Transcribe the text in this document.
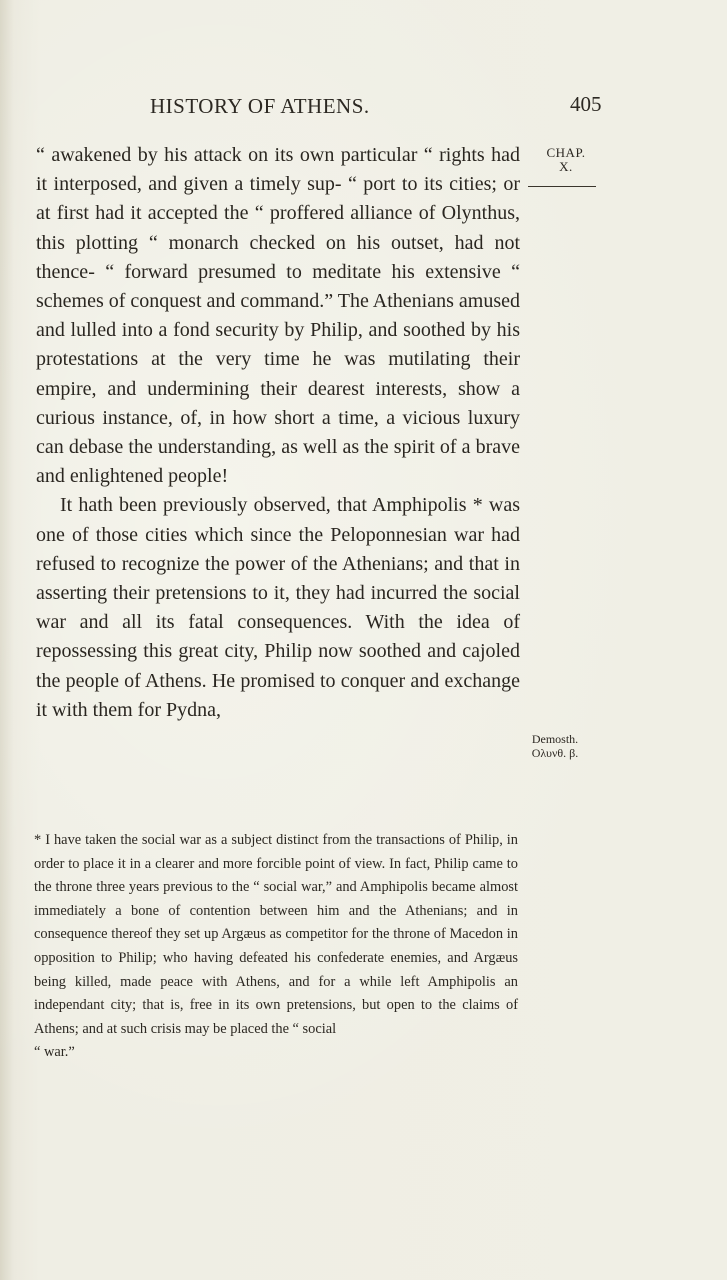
HISTORY OF ATHENS.	405
CHAP.
X.
Demosth.
Ολυνθ. β.

“ awakened by his attack on its own particular “ rights had it interposed, and given a timely sup- “ port to its cities; or at first had it accepted the “ proffered alliance of Olynthus, this plotting “ monarch checked on his outset, had not thence- “ forward presumed to meditate his extensive “ schemes of conquest and command.” The Athenians amused and lulled into a fond security by Philip, and soothed by his protestations at the very time he was mutilating their empire, and undermining their dearest interests, show a curious instance, of, in how short a time, a vicious luxury can debase the understanding, as well as the spirit of a brave and enlightened people!

It hath been previously observed, that Amphipolis * was one of those cities which since the Peloponnesian war had refused to recognize the power of the Athenians; and that in asserting their pretensions to it, they had incurred the social war and all its fatal consequences. With the idea of repossessing this great city, Philip now soothed and cajoled the people of Athens. He promised to conquer and exchange it with them for Pydna,

* I have taken the social war as a subject distinct from the transactions of Philip, in order to place it in a clearer and more forcible point of view. In fact, Philip came to the throne three years previous to the “ social war,” and Amphipolis became almost immediately a bone of contention between him and the Athenians; and in consequence thereof they set up Argæus as competitor for the throne of Macedon in opposition to Philip; who having defeated his confederate enemies, and Argæus being killed, made peace with Athens, and for a while left Amphipolis an independant city; that is, free in its own pretensions, but open to the claims of Athens; and at such crisis may be placed the “ social

“ war.”
